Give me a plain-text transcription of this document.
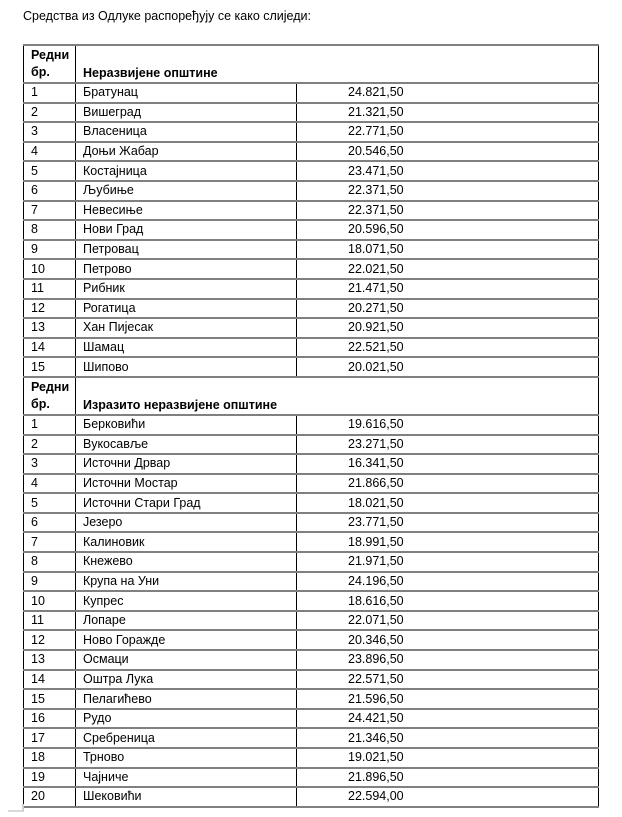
Средства из Одлуке распоређују се како слиједи:
Редни бр.	Неразвијене општине	
1	Братунац	24.821,50
2	Вишеград	21.321,50
3	Власеница	22.771,50
4	Доњи Жабар	20.546,50
5	Костајница	23.471,50
6	Љубиње	22.371,50
7	Невесиње	22.371,50
8	Нови Град	20.596,50
9	Петровац	18.071,50
10	Петрово	22.021,50
11	Рибник	21.471,50
12	Рогатица	20.271,50
13	Хан Пијесак	20.921,50
14	Шамац	22.521,50
15	Шипово	20.021,50
Редни бр.	Изразито неразвијене општине	
1	Берковићи	19.616,50
2	Вукосавље	23.271,50
3	Источни Дрвар	16.341,50
4	Источни Мостар	21.866,50
5	Источни Стари Град	18.021,50
6	Језеро	23.771,50
7	Калиновик	18.991,50
8	Кнежево	21.971,50
9	Крупа на Уни	24.196,50
10	Купрес	18.616,50
11	Лопаре	22.071,50
12	Ново Горажде	20.346,50
13	Осмаци	23.896,50
14	Оштра Лука	22.571,50
15	Пелагићево	21.596,50
16	Рудо	24.421,50
17	Сребреница	21.346,50
18	Трново	19.021,50
19	Чајниче	21.896,50
20	Шековићи	22.594,00
